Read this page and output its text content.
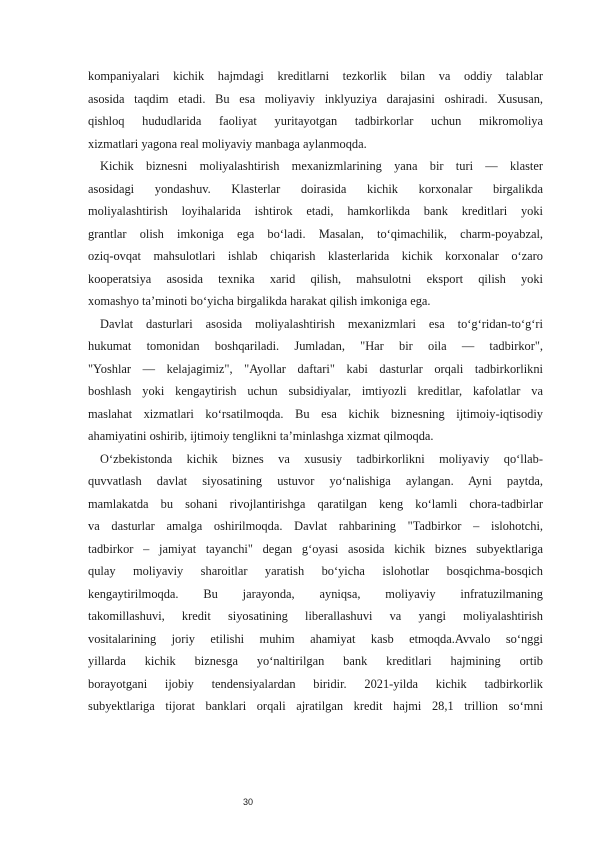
kompaniyalari kichik hajmdagi kreditlarni tezkorlik bilan va oddiy talablar
asosida taqdim etadi. Bu esa moliyaviy inklyuziya darajasini oshiradi. Xususan,
qishloq hududlarida faoliyat yuritayotgan tadbirkorlar uchun mikromoliya
xizmatlari yagona real moliyaviy manbaga aylanmoqda.
Kichik biznesni moliyalashtirish mexanizmlarining yana bir turi — klaster
asosidagi yondashuv. Klasterlar doirasida kichik korxonalar birgalikda
moliyalashtirish loyihalarida ishtirok etadi, hamkorlikda bank kreditlari yoki
grantlar olish imkoniga ega bo‘ladi. Masalan, to‘qimachilik, charm-poyabzal,
oziq-ovqat mahsulotlari ishlab chiqarish klasterlarida kichik korxonalar o‘zaro
kooperatsiya asosida texnika xarid qilish, mahsulotni eksport qilish yoki
xomashyo ta’minoti bo‘yicha birgalikda harakat qilish imkoniga ega.
Davlat dasturlari asosida moliyalashtirish mexanizmlari esa to‘g‘ridan-to‘g‘ri
hukumat tomonidan boshqariladi. Jumladan, "Har bir oila — tadbirkor",
"Yoshlar — kelajagimiz", "Ayollar daftari" kabi dasturlar orqali tadbirkorlikni
boshlash yoki kengaytirish uchun subsidiyalar, imtiyozli kreditlar, kafolatlar va
maslahat xizmatlari ko‘rsatilmoqda. Bu esa kichik biznesning ijtimoiy-iqtisodiy
ahamiyatini oshirib, ijtimoiy tenglikni ta’minlashga xizmat qilmoqda.
O‘zbekistonda kichik biznes va xususiy tadbirkorlikni moliyaviy qo‘llab-
quvvatlash davlat siyosatining ustuvor yo‘nalishiga aylangan. Ayni paytda,
mamlakatda bu sohani rivojlantirishga qaratilgan keng ko‘lamli chora-tadbirlar
va dasturlar amalga oshirilmoqda. Davlat rahbarining "Tadbirkor – islohotchi,
tadbirkor – jamiyat tayanchi" degan g‘oyasi asosida kichik biznes subyektlariga
qulay moliyaviy sharoitlar yaratish bo‘yicha islohotlar bosqichma-bosqich
kengaytirilmoqda. Bu jarayonda, ayniqsa, moliyaviy infratuzilmaning
takomillashuvi, kredit siyosatining liberallashuvi va yangi moliyalashtirish
vositalarining joriy etilishi muhim ahamiyat kasb etmoqda.Avvalo so‘nggi
yillarda kichik biznesga yo‘naltirilgan bank kreditlari hajmining ortib
borayotgani ijobiy tendensiyalardan biridir. 2021-yilda kichik tadbirkorlik
subyektlariga tijorat banklari orqali ajratilgan kredit hajmi 28,1 trillion so‘mni
30
